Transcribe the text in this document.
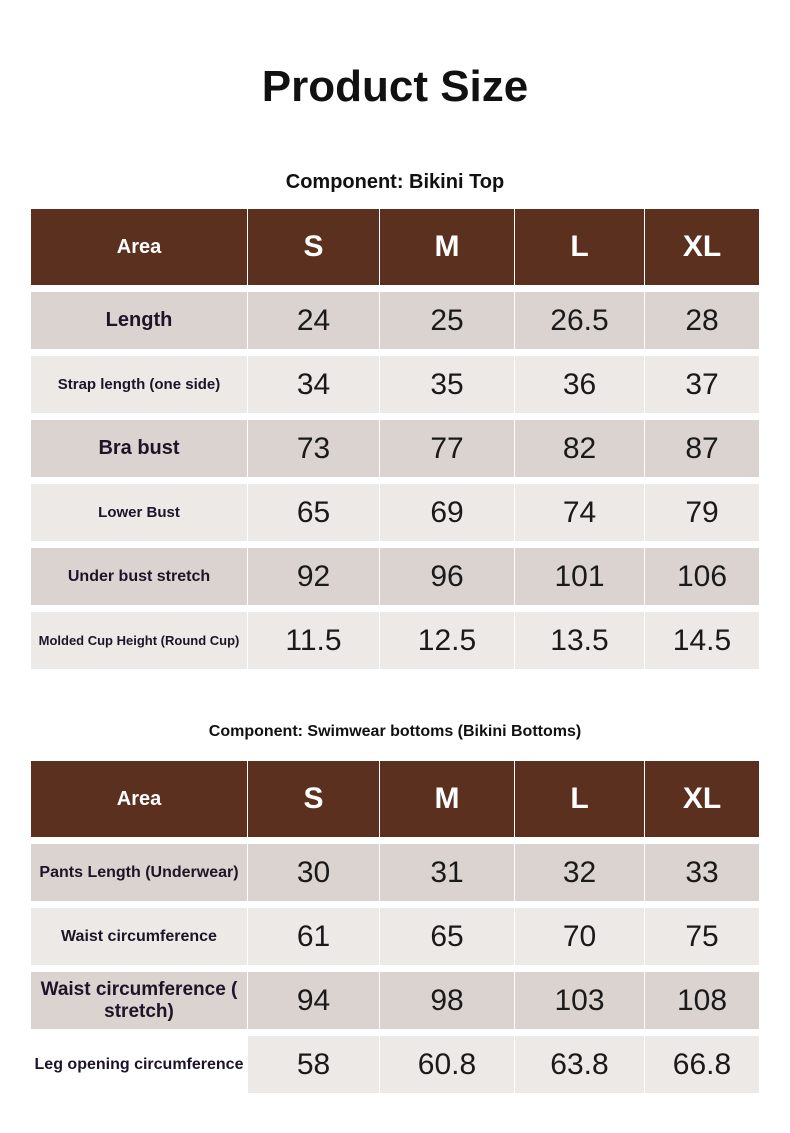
Product Size
Component: Bikini Top
Area	S	M	L	XL
Length	24	25	26.5	28
Strap length (one side)	34	35	36	37
Bra bust	73	77	82	87
Lower Bust	65	69	74	79
Under bust stretch	92	96	101	106
Molded Cup Height (Round Cup)	11.5	12.5	13.5	14.5
Component: Swimwear bottoms (Bikini Bottoms)
Area	S	M	L	XL
Pants Length (Underwear)	30	31	32	33
Waist circumference	61	65	70	75
Waist circumference ( stretch)	94	98	103	108
Leg opening circumference	58	60.8	63.8	66.8
